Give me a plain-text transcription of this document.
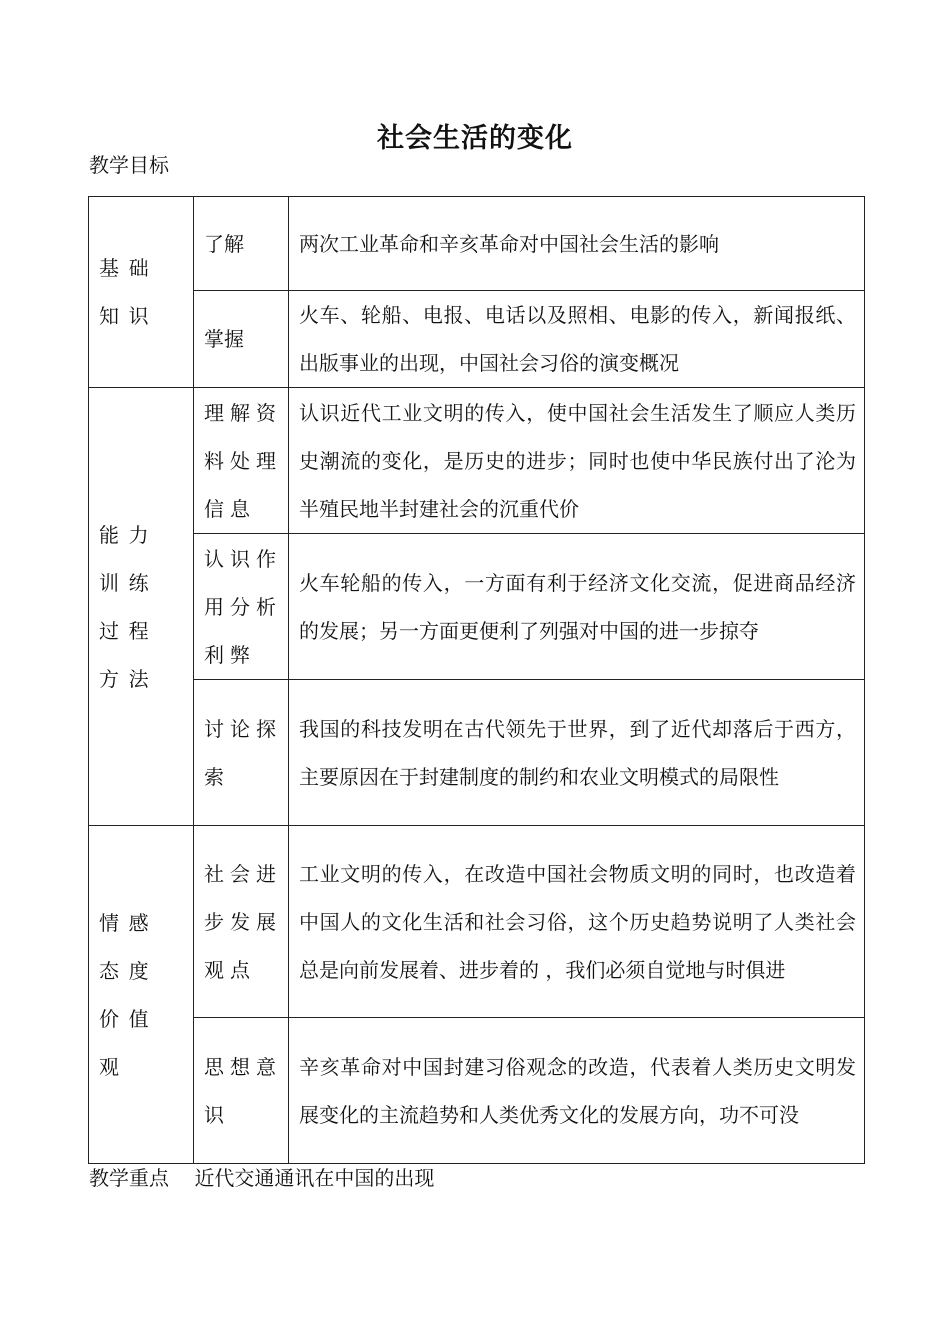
社会生活的变化
教学目标
基础知识	了解	两次工业革命和辛亥革命对中国社会生活的影响
	掌握	火车、轮船、电报、电话以及照相、电影的传入，新闻报纸、出版事业的出现，中国社会习俗的演变概况
能力训练过程方法	理解资料处理信息	认识近代工业文明的传入，使中国社会生活发生了顺应人类历史潮流的变化，是历史的进步；同时也使中华民族付出了沦为半殖民地半封建社会的沉重代价
	认识作用分析利弊	火车轮船的传入，一方面有利于经济文化交流，促进商品经济的发展；另一方面更便利了列强对中国的进一步掠夺
	讨论探索	我国的科技发明在古代领先于世界，到了近代却落后于西方，主要原因在于封建制度的制约和农业文明模式的局限性
情感态度价值观	社会进步发展观点	工业文明的传入，在改造中国社会物质文明的同时，也改造着中国人的文化生活和社会习俗，这个历史趋势说明了人类社会总是向前发展着、进步着的 ，我们必须自觉地与时俱进
	思想意识	辛亥革命对中国封建习俗观念的改造，代表着人类历史文明发展变化的主流趋势和人类优秀文化的发展方向，功不可没
教学重点 近代交通通讯在中国的出现
